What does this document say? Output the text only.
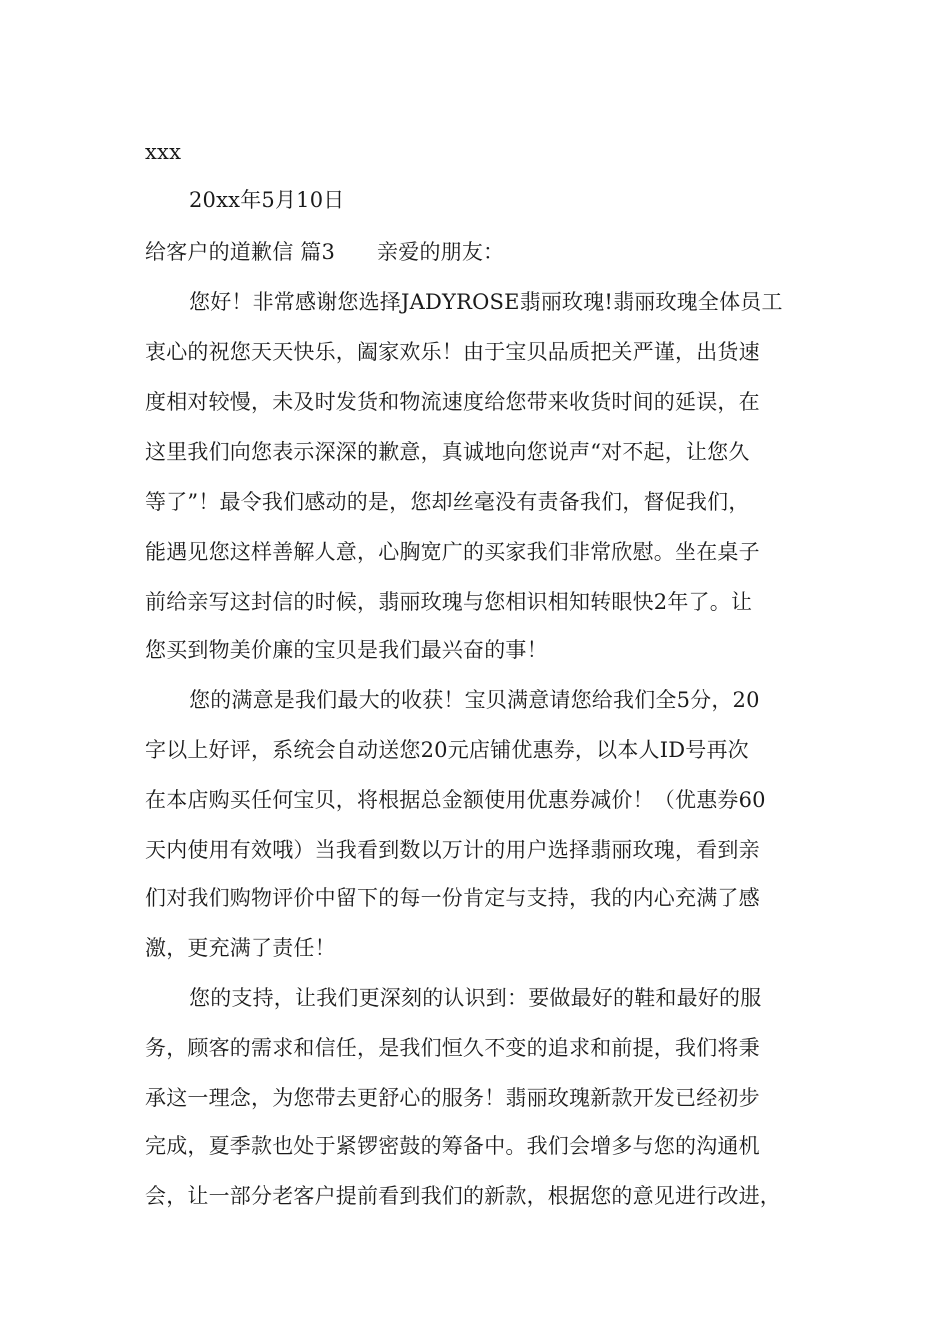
xxx
20xx年5月10日
给客户的道歉信 篇3 亲爱的朋友：
您好！非常感谢您选择JADYROSE翡丽玫瑰!翡丽玫瑰全体员工
衷心的祝您天天快乐，阖家欢乐！由于宝贝品质把关严谨，出货速
度相对较慢，未及时发货和物流速度给您带来收货时间的延误，在
这里我们向您表示深深的歉意，真诚地向您说声“对不起，让您久
等了”！最令我们感动的是，您却丝毫没有责备我们，督促我们，
能遇见您这样善解人意，心胸宽广的买家我们非常欣慰。坐在桌子
前给亲写这封信的时候，翡丽玫瑰与您相识相知转眼快2年了。让
您买到物美价廉的宝贝是我们最兴奋的事！
您的满意是我们最大的收获！宝贝满意请您给我们全5分，20
字以上好评，系统会自动送您20元店铺优惠券，以本人ID号再次
在本店购买任何宝贝，将根据总金额使用优惠券减价！（优惠券60
天内使用有效哦）当我看到数以万计的用户选择翡丽玫瑰，看到亲
们对我们购物评价中留下的每一份肯定与支持，我的内心充满了感
激，更充满了责任！
您的支持，让我们更深刻的认识到：要做最好的鞋和最好的服
务，顾客的需求和信任，是我们恒久不变的追求和前提，我们将秉
承这一理念，为您带去更舒心的服务！翡丽玫瑰新款开发已经初步
完成，夏季款也处于紧锣密鼓的筹备中。我们会增多与您的沟通机
会，让一部分老客户提前看到我们的新款，根据您的意见进行改进，
